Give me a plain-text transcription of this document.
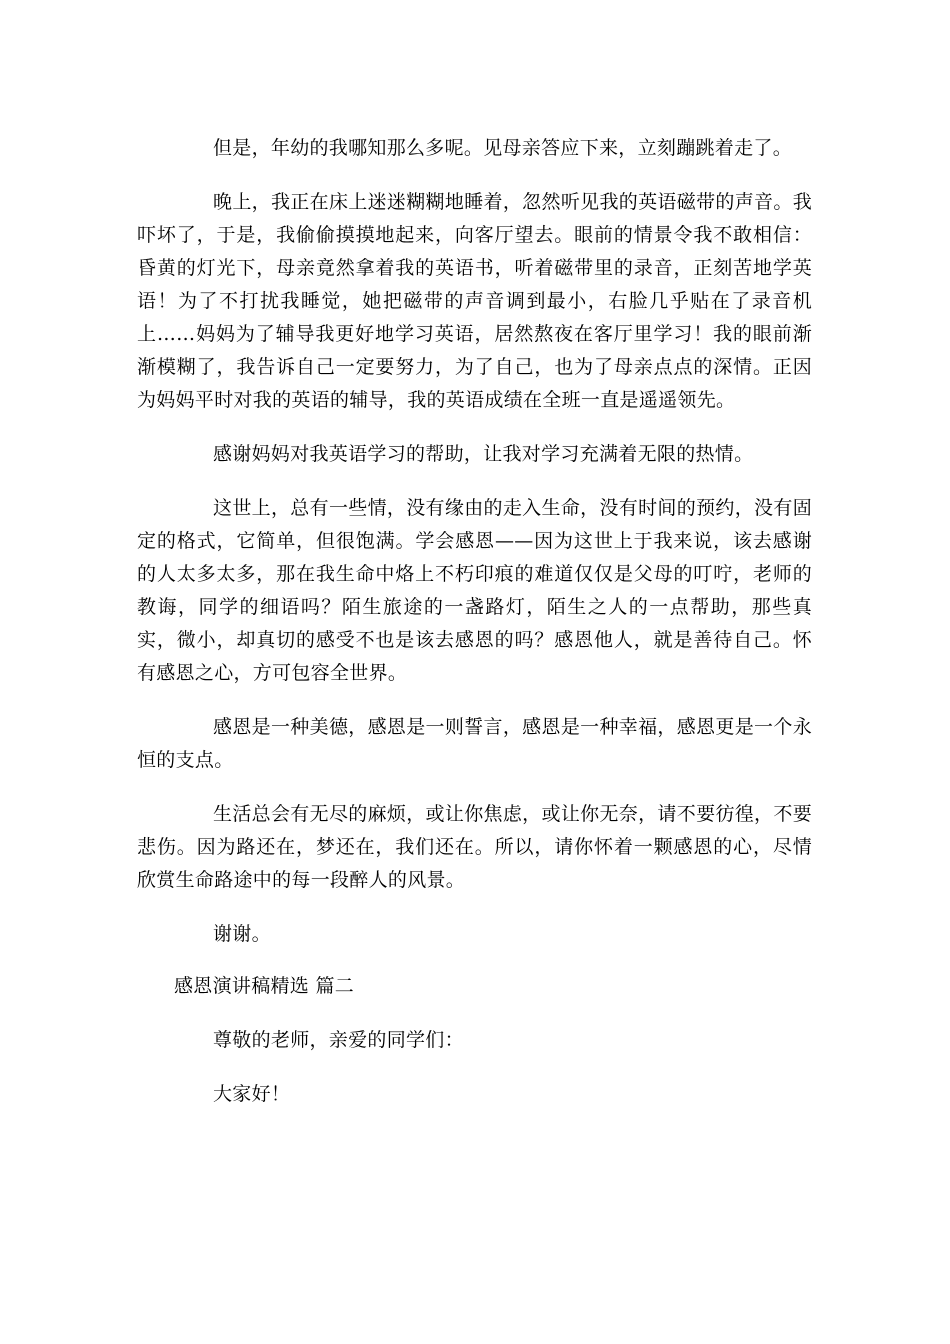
但是，年幼的我哪知那么多呢。见母亲答应下来，立刻蹦跳着走了。

晚上，我正在床上迷迷糊糊地睡着，忽然听见我的英语磁带的声音。我吓坏了，于是，我偷偷摸摸地起来，向客厅望去。眼前的情景令我不敢相信：昏黄的灯光下，母亲竟然拿着我的英语书，听着磁带里的录音，正刻苦地学英语！为了不打扰我睡觉，她把磁带的声音调到最小，右脸几乎贴在了录音机上……妈妈为了辅导我更好地学习英语，居然熬夜在客厅里学习！我的眼前渐渐模糊了，我告诉自己一定要努力，为了自己，也为了母亲点点的深情。正因为妈妈平时对我的英语的辅导，我的英语成绩在全班一直是遥遥领先。

感谢妈妈对我英语学习的帮助，让我对学习充满着无限的热情。

这世上，总有一些情，没有缘由的走入生命，没有时间的预约，没有固定的格式，它简单，但很饱满。学会感恩——因为这世上于我来说，该去感谢的人太多太多，那在我生命中烙上不朽印痕的难道仅仅是父母的叮咛，老师的教诲，同学的细语吗？陌生旅途的一盏路灯，陌生之人的一点帮助，那些真实，微小，却真切的感受不也是该去感恩的吗？感恩他人，就是善待自己。怀有感恩之心，方可包容全世界。

感恩是一种美德，感恩是一则誓言，感恩是一种幸福，感恩更是一个永恒的支点。

生活总会有无尽的麻烦，或让你焦虑，或让你无奈，请不要彷徨，不要悲伤。因为路还在，梦还在，我们还在。所以，请你怀着一颗感恩的心，尽情欣赏生命路途中的每一段醉人的风景。

谢谢。

感恩演讲稿精选 篇二

尊敬的老师，亲爱的同学们：

大家好！
